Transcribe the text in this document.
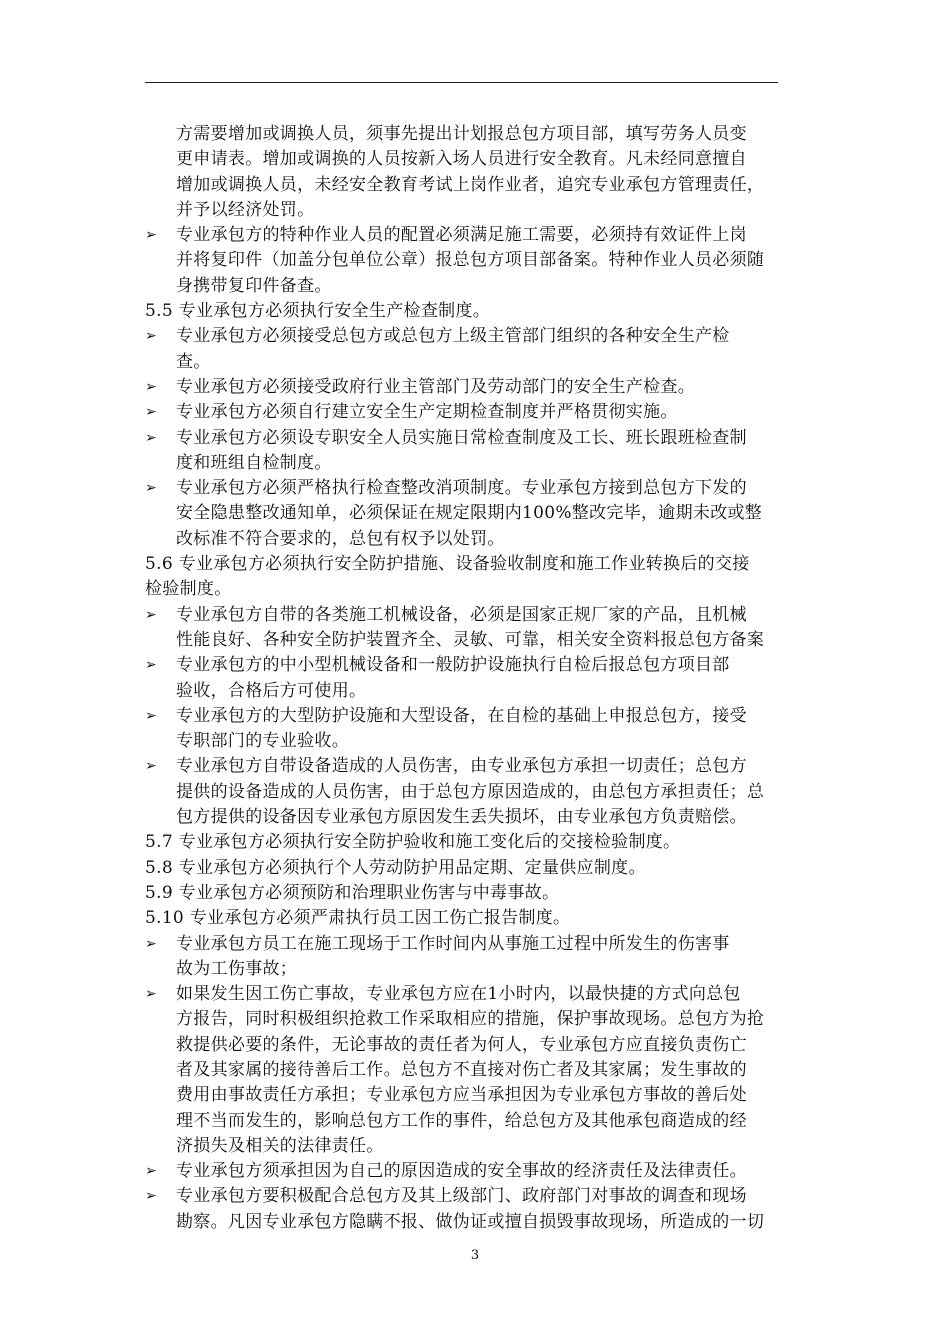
方需要增加或调换人员，须事先提出计划报总包方项目部，填写劳务人员变
更申请表。增加或调换的人员按新入场人员进行安全教育。凡未经同意擅自
增加或调换人员，未经安全教育考试上岗作业者，追究专业承包方管理责任，
并予以经济处罚。
➢ 专业承包方的特种作业人员的配置必须满足施工需要，必须持有效证件上岗
并将复印件（加盖分包单位公章）报总包方项目部备案。特种作业人员必须随
身携带复印件备查。
5.5 专业承包方必须执行安全生产检查制度。
➢ 专业承包方必须接受总包方或总包方上级主管部门组织的各种安全生产检
查。
➢ 专业承包方必须接受政府行业主管部门及劳动部门的安全生产检查。
➢ 专业承包方必须自行建立安全生产定期检查制度并严格贯彻实施。
➢ 专业承包方必须设专职安全人员实施日常检查制度及工长、班长跟班检查制
度和班组自检制度。
➢ 专业承包方必须严格执行检查整改消项制度。专业承包方接到总包方下发的
安全隐患整改通知单，必须保证在规定限期内100%整改完毕，逾期未改或整
改标准不符合要求的，总包有权予以处罚。
5.6 专业承包方必须执行安全防护措施、设备验收制度和施工作业转换后的交接
检验制度。
➢ 专业承包方自带的各类施工机械设备，必须是国家正规厂家的产品，且机械
性能良好、各种安全防护装置齐全、灵敏、可靠，相关安全资料报总包方备案
➢ 专业承包方的中小型机械设备和一般防护设施执行自检后报总包方项目部
验收，合格后方可使用。
➢ 专业承包方的大型防护设施和大型设备，在自检的基础上申报总包方，接受
专职部门的专业验收。
➢ 专业承包方自带设备造成的人员伤害，由专业承包方承担一切责任；总包方
提供的设备造成的人员伤害，由于总包方原因造成的，由总包方承担责任；总
包方提供的设备因专业承包方原因发生丢失损坏，由专业承包方负责赔偿。
5.7 专业承包方必须执行安全防护验收和施工变化后的交接检验制度。
5.8 专业承包方必须执行个人劳动防护用品定期、定量供应制度。
5.9 专业承包方必须预防和治理职业伤害与中毒事故。
5.10 专业承包方必须严肃执行员工因工伤亡报告制度。
➢ 专业承包方员工在施工现场于工作时间内从事施工过程中所发生的伤害事
故为工伤事故；
➢ 如果发生因工伤亡事故，专业承包方应在1小时内，以最快捷的方式向总包
方报告，同时积极组织抢救工作采取相应的措施，保护事故现场。总包方为抢
救提供必要的条件，无论事故的责任者为何人，专业承包方应直接负责伤亡
者及其家属的接待善后工作。总包方不直接对伤亡者及其家属；发生事故的
费用由事故责任方承担；专业承包方应当承担因为专业承包方事故的善后处
理不当而发生的，影响总包方工作的事件，给总包方及其他承包商造成的经
济损失及相关的法律责任。
➢ 专业承包方须承担因为自己的原因造成的安全事故的经济责任及法律责任。
➢ 专业承包方要积极配合总包方及其上级部门、政府部门对事故的调查和现场
勘察。凡因专业承包方隐瞒不报、做伪证或擅自损毁事故现场，所造成的一切
3
